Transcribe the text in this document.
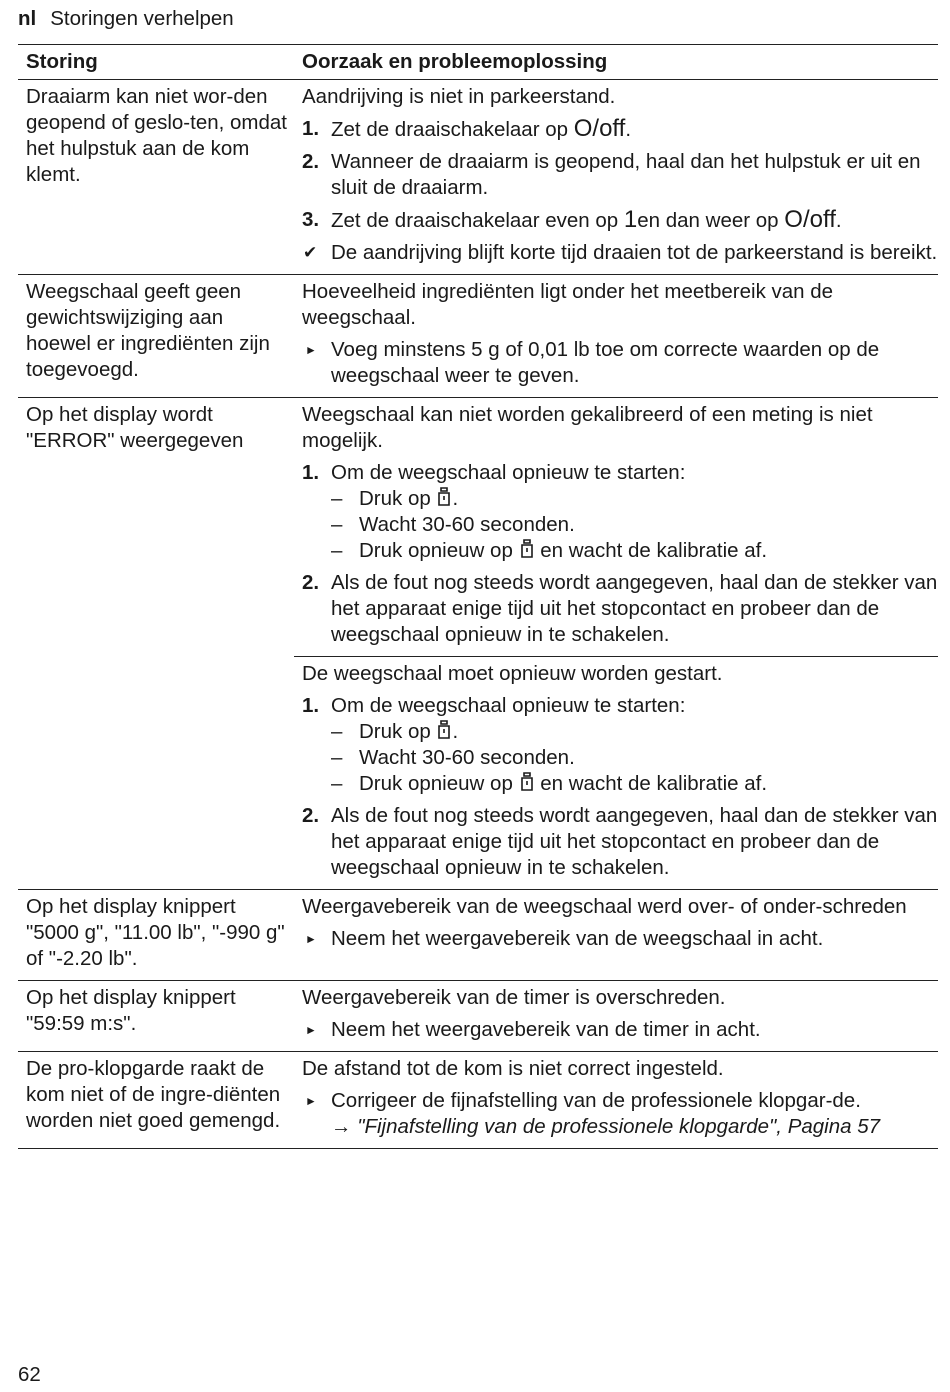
nl Storingen verhelpen
Storing	Oorzaak en probleemoplossing
Draaiarm kan niet wor-den geopend of geslo-ten, omdat het hulpstuk aan de kom klemt.
Aandrijving is niet in parkeerstand.
1. Zet de draaischakelaar op O/off.
2. Wanneer de draaiarm is geopend, haal dan het hulpstuk er uit en sluit de draaiarm.
3. Zet de draaischakelaar even op 1en dan weer op O/off.
✔ De aandrijving blijft korte tijd draaien tot de parkeerstand is bereikt.
Weegschaal geeft geen gewichtswijziging aan hoewel er ingrediënten zijn toegevoegd.
Hoeveelheid ingrediënten ligt onder het meetbereik van de weegschaal.
► Voeg minstens 5 g of 0,01 lb toe om correcte waarden op de weegschaal weer te geven.
Op het display wordt "ERROR" weergegeven
Weegschaal kan niet worden gekalibreerd of een meting is niet mogelijk.
1. Om de weegschaal opnieuw te starten:
– Druk op .
– Wacht 30-60 seconden.
– Druk opnieuw op  en wacht de kalibratie af.
2. Als de fout nog steeds wordt aangegeven, haal dan de stekker van het apparaat enige tijd uit het stopcontact en probeer dan de weegschaal opnieuw in te schakelen.
De weegschaal moet opnieuw worden gestart.
1. Om de weegschaal opnieuw te starten:
– Druk op .
– Wacht 30-60 seconden.
– Druk opnieuw op  en wacht de kalibratie af.
2. Als de fout nog steeds wordt aangegeven, haal dan de stekker van het apparaat enige tijd uit het stopcontact en probeer dan de weegschaal opnieuw in te schakelen.
Op het display knippert "5000 g", "11.00 lb", "-990 g" of "-2.20 lb".
Weergavebereik van de weegschaal werd over- of onder-schreden
► Neem het weergavebereik van de weegschaal in acht.
Op het display knippert "59:59 m:s".
Weergavebereik van de timer is overschreden.
► Neem het weergavebereik van de timer in acht.
De pro-klopgarde raakt de kom niet of de ingre-diënten worden niet goed gemengd.
De afstand tot de kom is niet correct ingesteld.
► Corrigeer de fijnafstelling van de professionele klopgar-de.
→ "Fijnafstelling van de professionele klopgarde", Pagina 57
62
